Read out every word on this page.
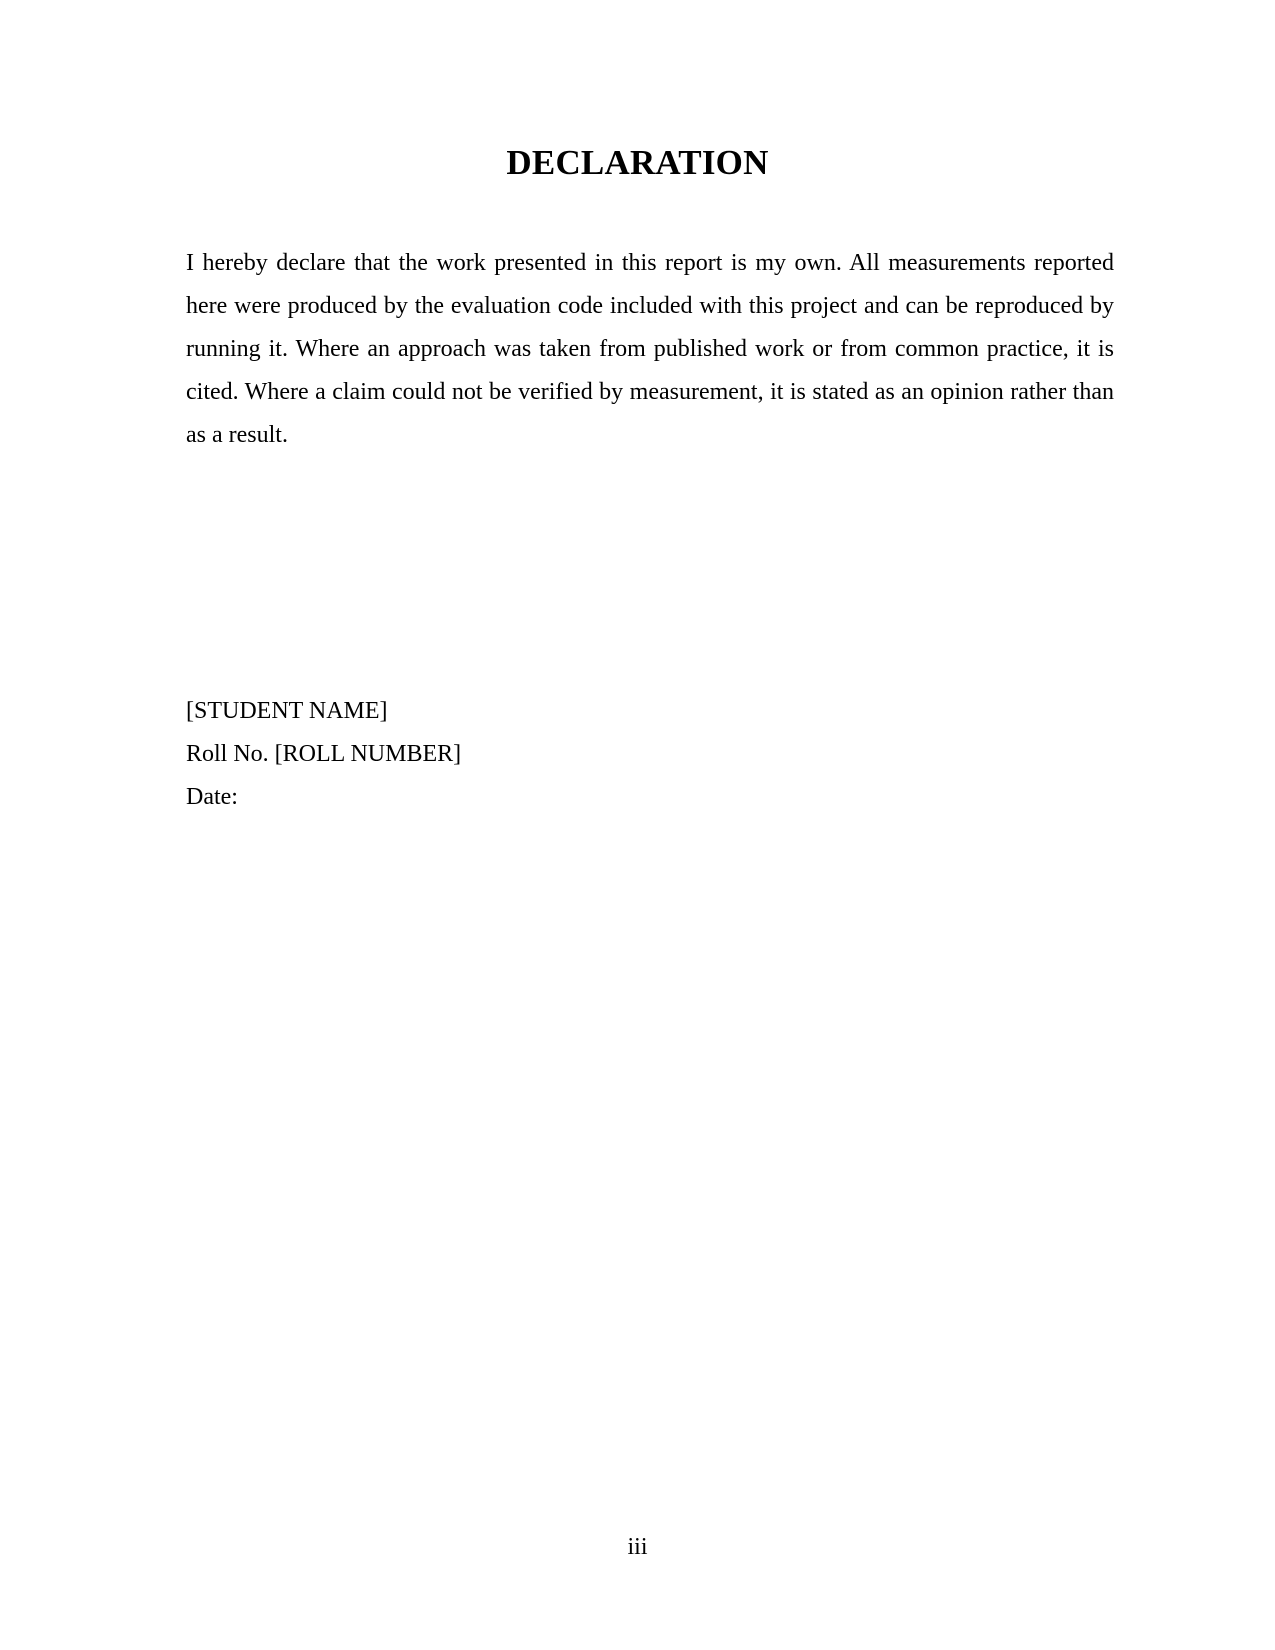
DECLARATION

I hereby declare that the work presented in this report is my own. All measurements reported here were produced by the evaluation code included with this project and can be reproduced by running it. Where an approach was taken from published work or from common practice, it is cited. Where a claim could not be verified by measurement, it is stated as an opinion rather than as a result.

[STUDENT NAME]
Roll No. [ROLL NUMBER]
Date:
iii
